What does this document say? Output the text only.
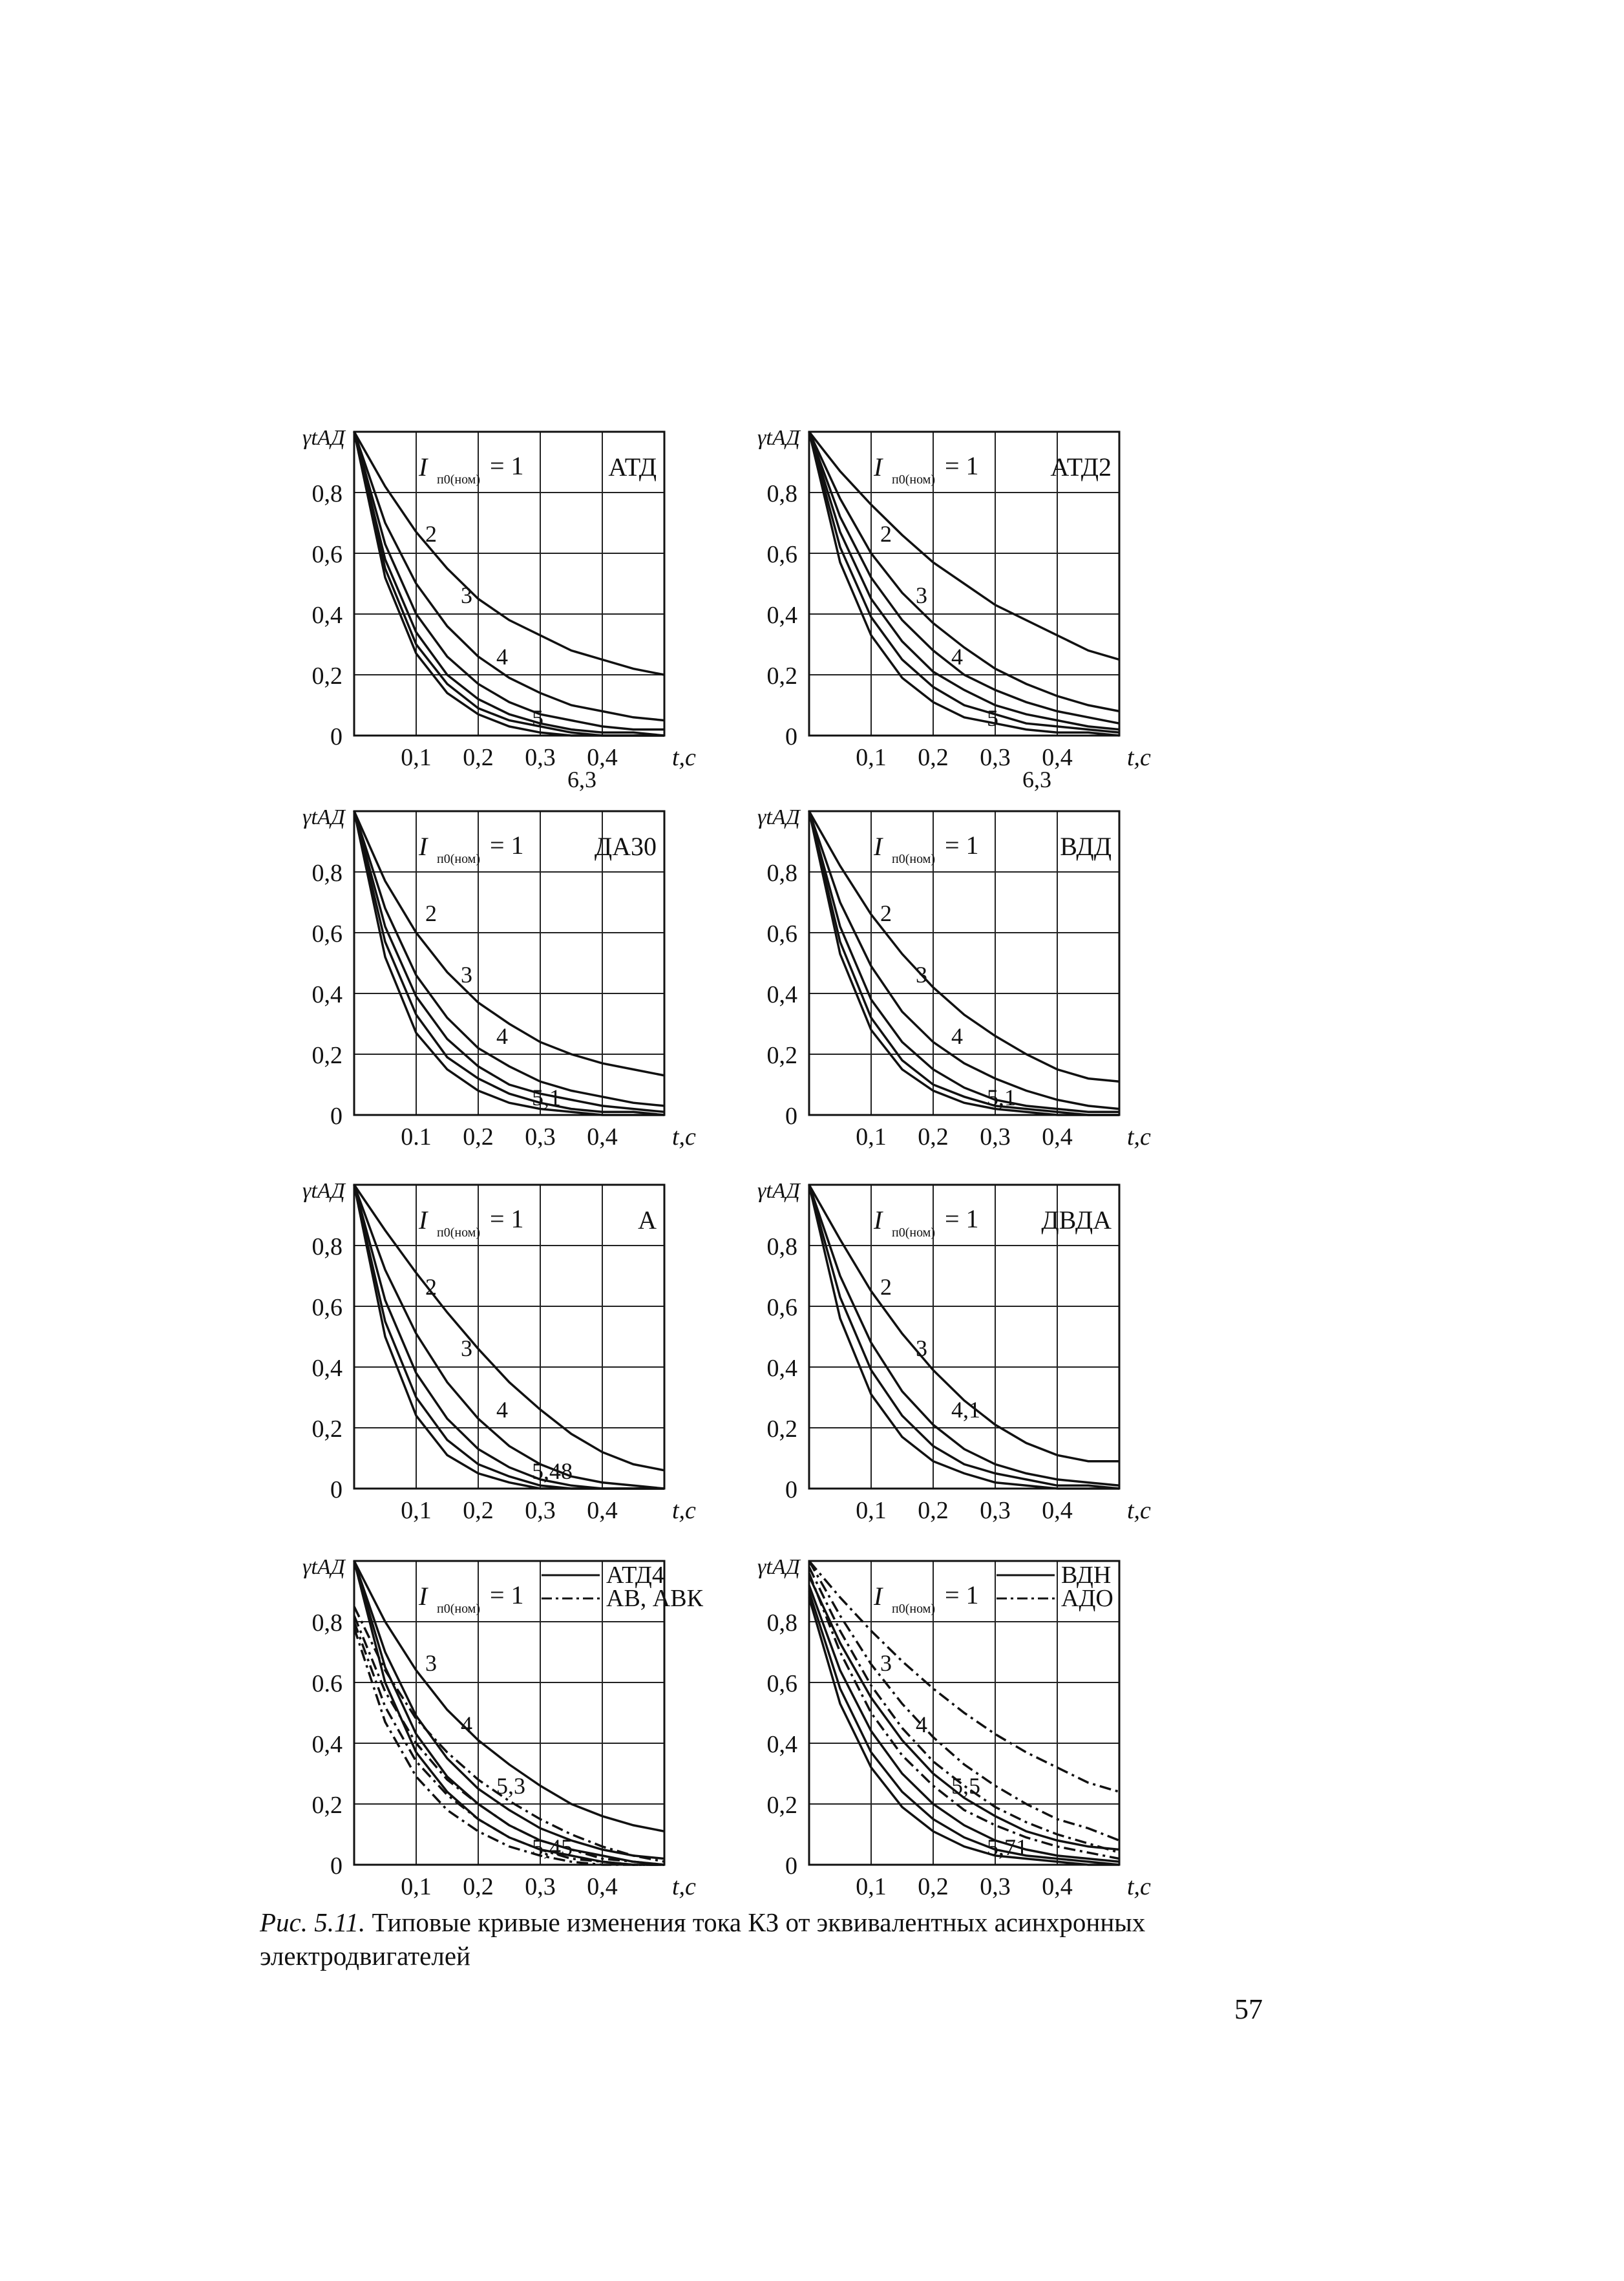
0
0,2
0,4
0,6
0,8
0,1 0,2 0,3 0,4 t,c
γtАД
I п0(ном) = 1	АТД
2
3
4
5
6,3
0
0,2
0,4
0,6
0,8
0,1 0,2 0,3 0,4 t,c
γtАД
I п0(ном) = 1	АТД2
2
3
4
5
6,3
0
0,2
0,4
0,6
0,8
0.1 0,2 0,3 0,4 t,c
γtАД
I п0(ном) = 1	ДА30
2
3
4
5,1
0
0,2
0,4
0,6
0,8
0,1 0,2 0,3 0,4 t,c
γtАД
I п0(ном) = 1	ВДД
2
3
4
5,1
0
0,2
0,4
0,6
0,8
0,1 0,2 0,3 0,4 t,c
γtАД
I п0(ном) = 1	А
2
3
4
5,48
0
0,2
0,4
0,6
0,8
0,1 0,2 0,3 0,4 t,c
γtАД
I п0(ном) = 1 ДВДА
2
3
4,1
0
0,2
0,4
0.6
0,8
0,1 0,2 0,3 0,4 t,c
γtАД
I п0(ном) = 1
АТД4
АВ, АВК
3
4
5,3
5,45
0
0,2
0,4
0,6
0,8
0,1 0,2 0,3 0,4 t,c
γtАД
I п0(ном) = 1
ВДН
АДО
3
4
5,5
5,71
Рис. 5.11. Типовые кривые изменения тока КЗ от эквивалентных асинхронных электродвигателей
57
